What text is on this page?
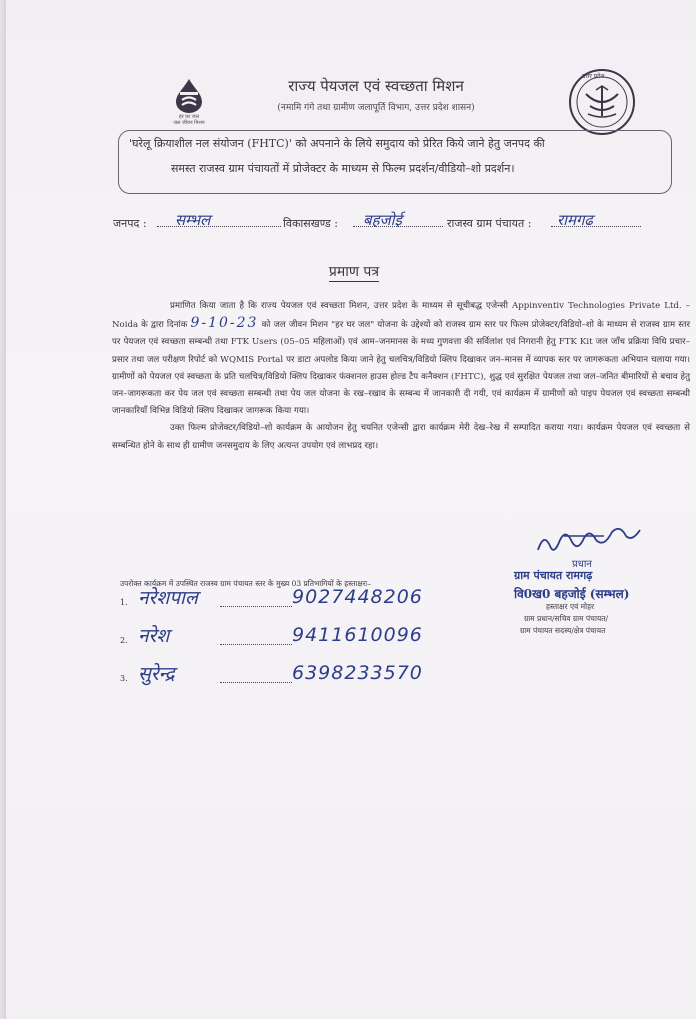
हर घर जल
जल जीवन मिशन
राज्य पेयजल एवं स्वच्छता मिशन
(नमामि गंगे तथा ग्रामीण जलापूर्ति विभाग, उत्तर प्रदेश शासन)
उत्तर प्रदेश
'घरेलू क्रियाशील नल संयोजन (FHTC)' को अपनाने के लिये समुदाय को प्रेरित किये जाने हेतु जनपद की
समस्त राजस्व ग्राम पंचायतों में प्रोजेक्टर के माध्यम से फिल्म प्रदर्शन/वीडियो–शो प्रदर्शन।
जनपद : सम्भल	विकासखण्ड : बहजोई	राजस्व ग्राम पंचायत : रामगढ
प्रमाण पत्र

प्रमाणित किया जाता है कि राज्य पेयजल एवं स्वच्छता मिशन, उत्तर प्रदेश के माध्यम से सूचीबद्ध एजेन्सी Appinventiv Technologies Private Ltd. – Noida के द्वारा दिनांक 9-10-23 को जल जीवन मिशन "हर घर जल" योजना के उद्देश्यों को राजस्व ग्राम स्तर पर फिल्म प्रोजेक्टर/विडियो–शो के माध्यम से राजस्व ग्राम स्तर पर पेयजल एवं स्वच्छता सम्बन्धी तथा FTK Users (05–05 महिलाओं) एवं आम–जनमानस के मध्य गुणवत्ता की सर्विलांश एवं निगरानी हेतु FTK Kit जल जाँच प्रक्रिया विधि प्रचार–प्रसार तथा जल परीक्षण रिपोर्ट को WQMIS Portal पर डाटा अपलोड किया जाने हेतु चलचित्र/विडियो क्लिप दिखाकर जन–मानस में व्यापक स्तर पर जागरूकता अभियान चलाया गया। ग्रामीणों को पेयजल एवं स्वच्छता के प्रति चलचित्र/विडियो क्लिप दिखाकर फंक्शनल हाउस होल्ड टैप कनैक्शन (FHTC), शुद्ध एवं सुरक्षित पेयजल तथा जल–जनित बीमारियों से बचाव हेतु जन–जागरूकता कर पेय जल एवं स्वच्छता सम्बन्धी तथा पेय जल योजना के रख–रखाव के सम्बन्ध में जानकारी दी गयी, एवं कार्यक्रम में ग्रामीणों को पाइप पेयजल एवं स्वच्छता सम्बन्धी जानकारियाँ विभिन्न विडियो क्लिप दिखाकर जागरूक किया गया।

उक्त फिल्म प्रोजेक्टर/विडियो–शो कार्यक्रम के आयोजन हेतु चयनित एजेन्सी द्वारा कार्यक्रम मेरी देख–रेख में सम्पादित कराया गया। कार्यक्रम पेयजल एवं स्वच्छता से सम्बन्धित होने के साथ ही ग्रामीण जनसमुदाय के लिए अत्यन्त उपयोग एवं लाभप्रद रहा।

प्रधान
ग्राम पंचायत रामगढ़
वि0ख0 बहजोई (सम्भल)
हस्ताक्षर एवं मोहर
ग्राम प्रधान/सचिव ग्राम पंचायत/
ग्राम पंचायत सदस्य/क्षेत्र पंचायत
उपरोक्त कार्यक्रम में उपस्थित राजस्व ग्राम पंचायत स्तर के मुख्य 03 प्रतिभागियों के हस्ताक्षरः–
1. नरेशपाल	9027448206
2. नरेश	9411610096
3. सुरेन्द्र	6398233570
